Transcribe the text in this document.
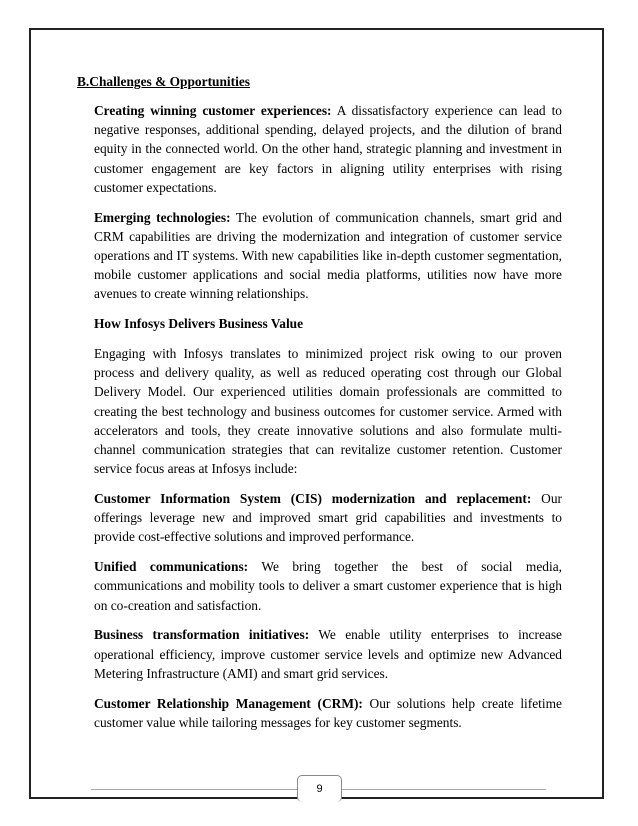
B.Challenges & Opportunities

Creating winning customer experiences: A dissatisfactory experience can lead to negative responses, additional spending, delayed projects, and the dilution of brand equity in the connected world. On the other hand, strategic planning and investment in customer engagement are key factors in aligning utility enterprises with rising customer expectations.

Emerging technologies: The evolution of communication channels, smart grid and CRM capabilities are driving the modernization and integration of customer service operations and IT systems. With new capabilities like in-depth customer segmentation, mobile customer applications and social media platforms, utilities now have more avenues to create winning relationships.

How Infosys Delivers Business Value

Engaging with Infosys translates to minimized project risk owing to our proven process and delivery quality, as well as reduced operating cost through our Global Delivery Model. Our experienced utilities domain professionals are committed to creating the best technology and business outcomes for customer service. Armed with accelerators and tools, they create innovative solutions and also formulate multi-channel communication strategies that can revitalize customer retention. Customer service focus areas at Infosys include:

Customer Information System (CIS) modernization and replacement: Our offerings leverage new and improved smart grid capabilities and investments to provide cost-effective solutions and improved performance.

Unified communications: We bring together the best of social media, communications and mobility tools to deliver a smart customer experience that is high on co-creation and satisfaction.

Business transformation initiatives: We enable utility enterprises to increase operational efficiency, improve customer service levels and optimize new Advanced Metering Infrastructure (AMI) and smart grid services.

Customer Relationship Management (CRM): Our solutions help create lifetime customer value while tailoring messages for key customer segments.

9
